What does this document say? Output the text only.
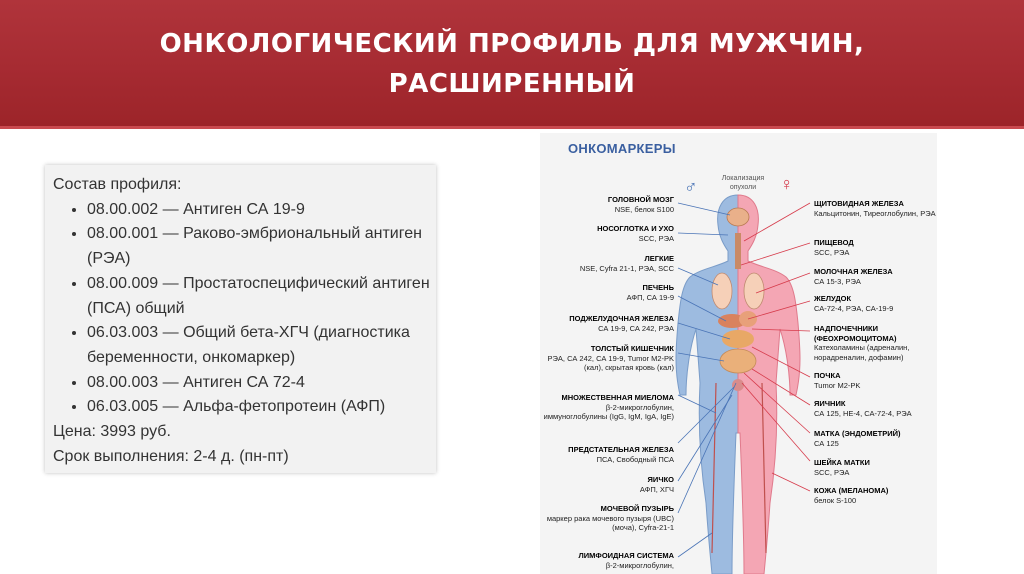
ОНКОЛОГИЧЕСКИЙ ПРОФИЛЬ ДЛЯ МУЖЧИН,
РАСШИРЕННЫЙ

Состав профиля:

• 08.00.002 — Антиген СА 19-9
• 08.00.001 — Раково-эмбриональный антиген (РЭА)
• 08.00.009 — Простатоспецифический антиген (ПСА) общий
• 06.03.003 — Общий бета-ХГЧ (диагностика беременности, онкомаркер)
• 08.00.003 — Антиген СА 72-4
• 06.03.005 — Альфа-фетопротеин (АФП)

Цена: 3993 руб.

Срок выполнения: 2-4 д. (пн-пт)

ОНКОМАРКЕРЫ
♂	Локализация опухоли	♀
ГОЛОВНОЙ МОЗГ
NSE, белок S100
НОСОГЛОТКА И УХО
SCC, РЭА
ЛЕГКИЕ
NSE, Cyfra 21-1, РЭА, SCC
ПЕЧЕНЬ
АФП, СА 19-9
ПОДЖЕЛУДОЧНАЯ ЖЕЛЕЗА
СА 19-9, СА 242, РЭА
ТОЛСТЫЙ КИШЕЧНИК
РЭА, СА 242, СА 19-9, Tumor M2-PK (кал), скрытая кровь (кал)
МНОЖЕСТВЕННАЯ МИЕЛОМА
β-2-микроглобулин, иммуноглобулины (IgG, IgM, IgA, IgE)
ПРЕДСТАТЕЛЬНАЯ ЖЕЛЕЗА
ПСА, Свободный ПСА
ЯИЧКО
АФП, ХГЧ
МОЧЕВОЙ ПУЗЫРЬ
маркер рака мочевого пузыря (UBC) (моча), Cyfra-21-1
ЛИМФОИДНАЯ СИСТЕМА
β-2-микроглобулин,
ЩИТОВИДНАЯ ЖЕЛЕЗА
Кальцитонин, Тиреоглобулин, РЭА
ПИЩЕВОД
SCC, РЭА
МОЛОЧНАЯ ЖЕЛЕЗА
СА 15-3, РЭА
ЖЕЛУДОК
СА-72-4, РЭА, СА-19-9
НАДПОЧЕЧНИКИ (ФЕОХРОМОЦИТОМА)
Катехоламины (адреналин, норадреналин, дофамин)
ПОЧКА
Tumor M2-PK
ЯИЧНИК
СА 125, HE-4, СА-72-4, РЭА
МАТКА (ЭНДОМЕТРИЙ)
СА 125
ШЕЙКА МАТКИ
SCC, РЭА
КОЖА (МЕЛАНОМА)
белок S-100
